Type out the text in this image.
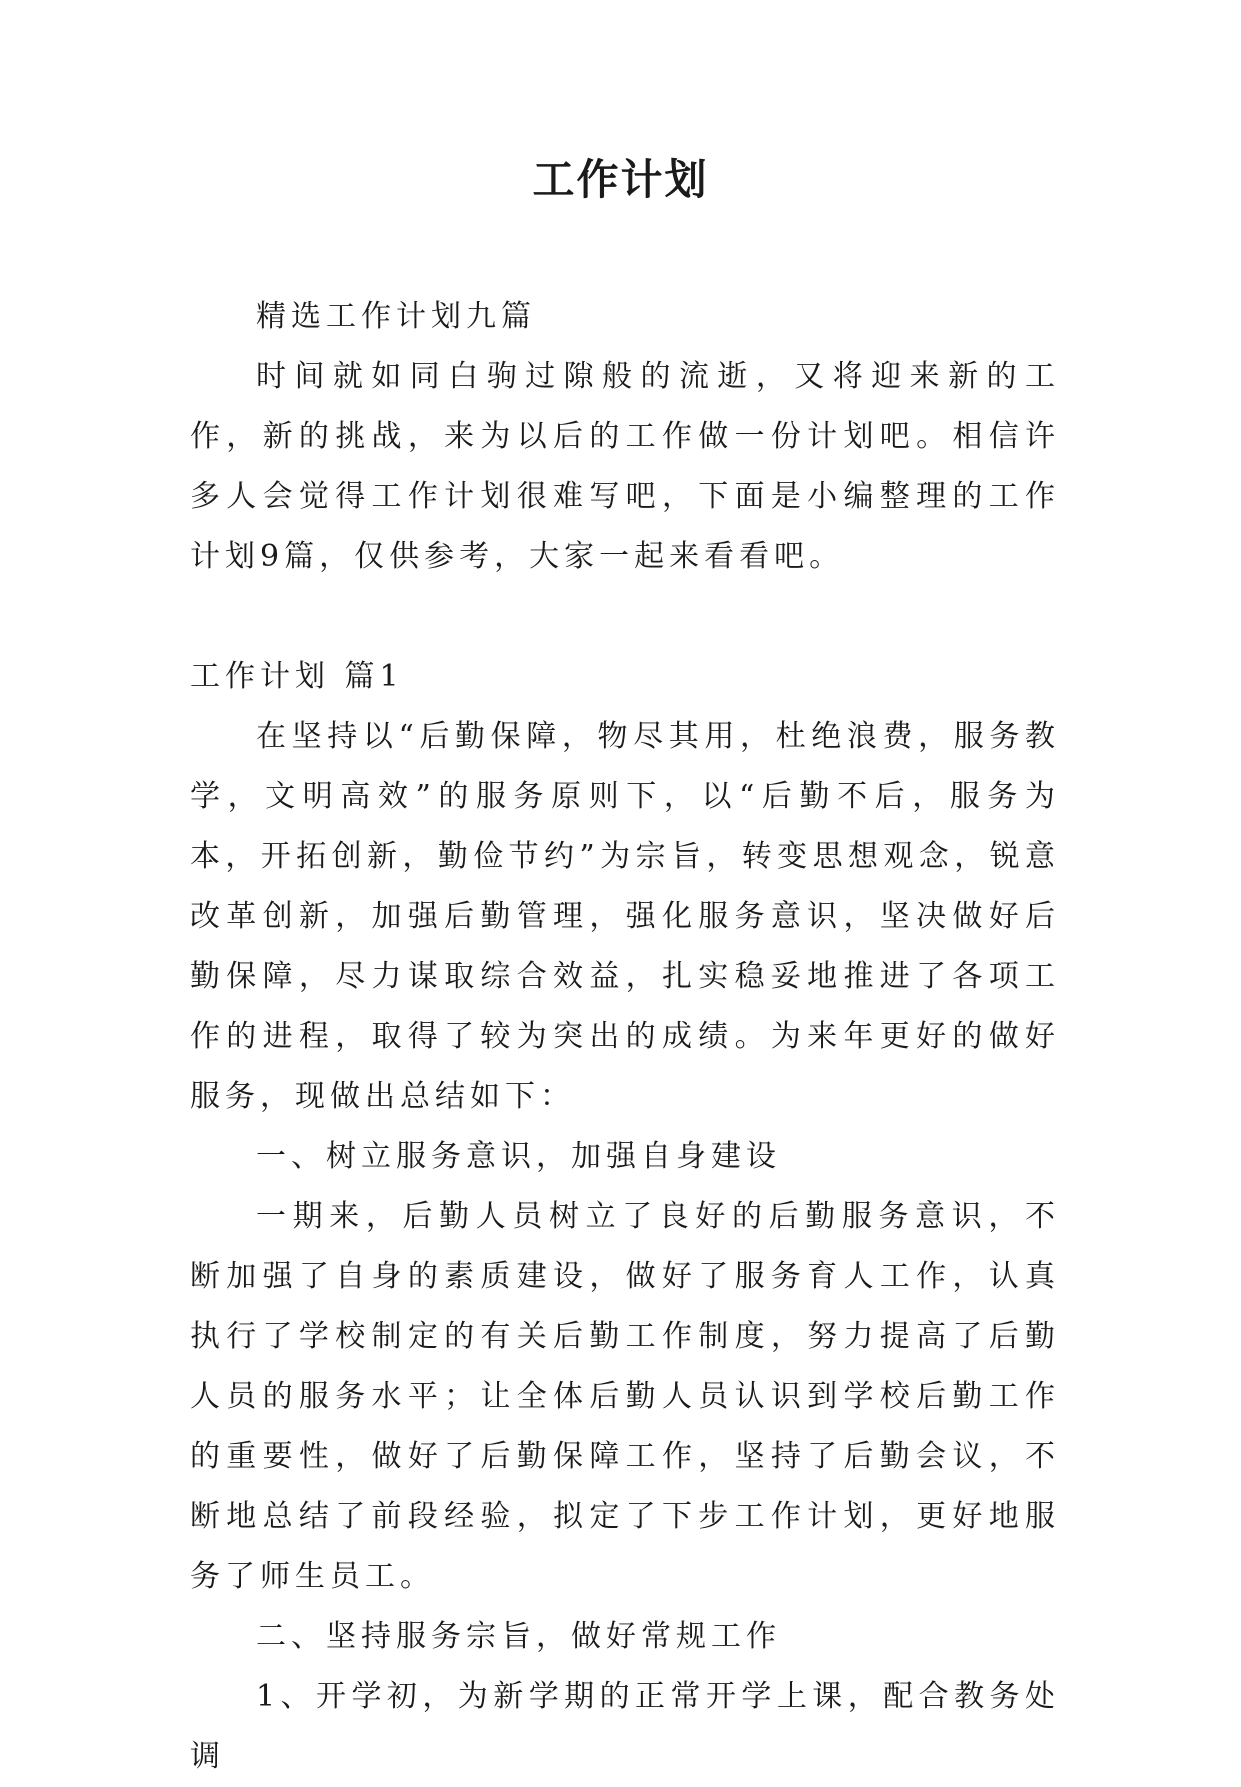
工作计划

精选工作计划九篇

时间就如同白驹过隙般的流逝，又将迎来新的工作，新的挑战，来为以后的工作做一份计划吧。相信许多人会觉得工作计划很难写吧，下面是小编整理的工作计划9篇，仅供参考，大家一起来看看吧。

工作计划 篇1

在坚持以“后勤保障，物尽其用，杜绝浪费，服务教学，文明高效”的服务原则下，以“后勤不后，服务为本，开拓创新，勤俭节约”为宗旨，转变思想观念，锐意改革创新，加强后勤管理，强化服务意识，坚决做好后勤保障，尽力谋取综合效益，扎实稳妥地推进了各项工作的进程，取得了较为突出的成绩。为来年更好的做好服务，现做出总结如下：

一、树立服务意识，加强自身建设

一期来，后勤人员树立了良好的后勤服务意识，不断加强了自身的素质建设，做好了服务育人工作，认真执行了学校制定的有关后勤工作制度，努力提高了后勤人员的服务水平；让全体后勤人员认识到学校后勤工作的重要性，做好了后勤保障工作，坚持了后勤会议，不断地总结了前段经验，拟定了下步工作计划，更好地服务了师生员工。

二、坚持服务宗旨，做好常规工作

1、开学初，为新学期的正常开学上课，配合教务处调
